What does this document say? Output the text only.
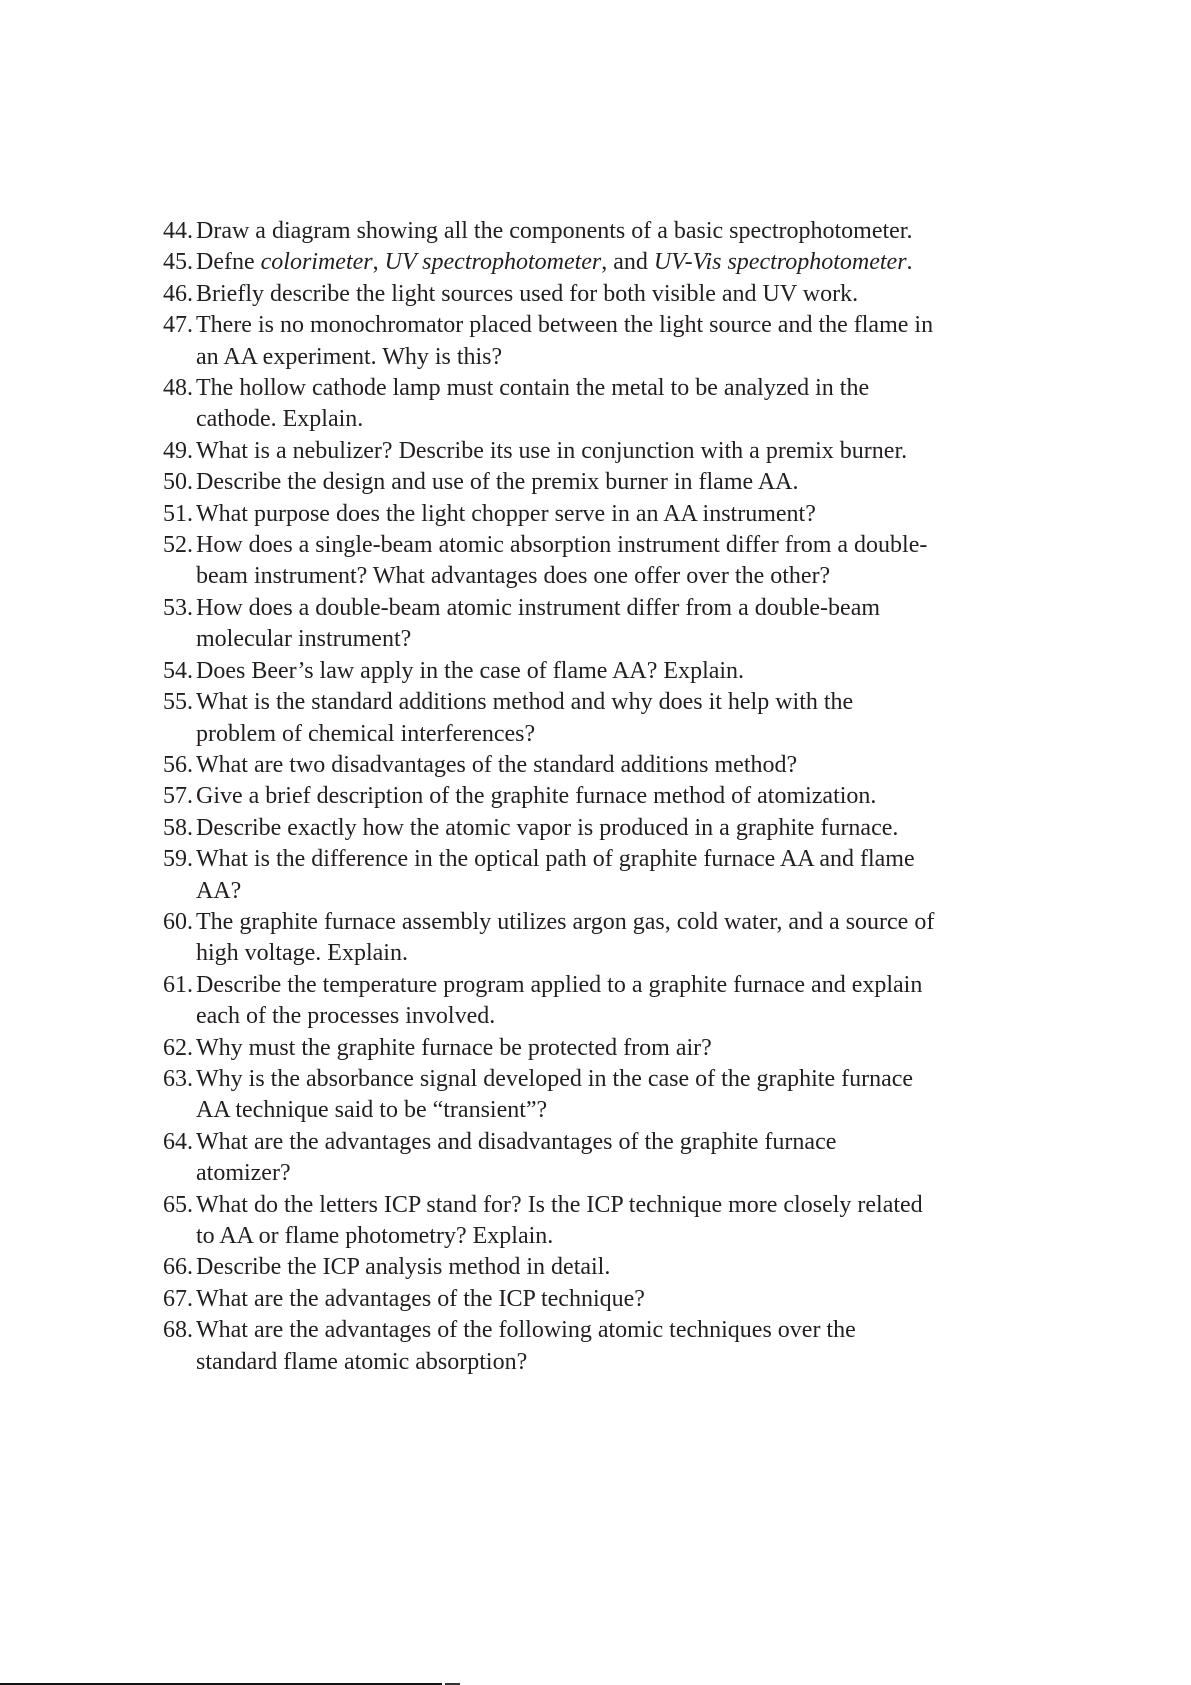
44. Draw a diagram showing all the components of a basic spectrophotometer.
45. Defne colorimeter, UV spectrophotometer, and UV-Vis spectrophotometer.
46. Briefly describe the light sources used for both visible and UV work.
47. There is no monochromator placed between the light source and the flame in
an AA experiment. Why is this?
48. The hollow cathode lamp must contain the metal to be analyzed in the
cathode. Explain.
49. What is a nebulizer? Describe its use in conjunction with a premix burner.
50. Describe the design and use of the premix burner in flame AA.
51. What purpose does the light chopper serve in an AA instrument?
52. How does a single-beam atomic absorption instrument differ from a double-
beam instrument? What advantages does one offer over the other?
53. How does a double-beam atomic instrument differ from a double-beam
molecular instrument?
54. Does Beer’s law apply in the case of flame AA? Explain.
55. What is the standard additions method and why does it help with the
problem of chemical interferences?
56. What are two disadvantages of the standard additions method?
57. Give a brief description of the graphite furnace method of atomization.
58. Describe exactly how the atomic vapor is produced in a graphite furnace.
59. What is the difference in the optical path of graphite furnace AA and flame
AA?
60. The graphite furnace assembly utilizes argon gas, cold water, and a source of
high voltage. Explain.
61. Describe the temperature program applied to a graphite furnace and explain
each of the processes involved.
62. Why must the graphite furnace be protected from air?
63. Why is the absorbance signal developed in the case of the graphite furnace
AA technique said to be “transient”?
64. What are the advantages and disadvantages of the graphite furnace
atomizer?
65. What do the letters ICP stand for? Is the ICP technique more closely related
to AA or flame photometry? Explain.
66. Describe the ICP analysis method in detail.
67. What are the advantages of the ICP technique?
68. What are the advantages of the following atomic techniques over the
standard flame atomic absorption?
